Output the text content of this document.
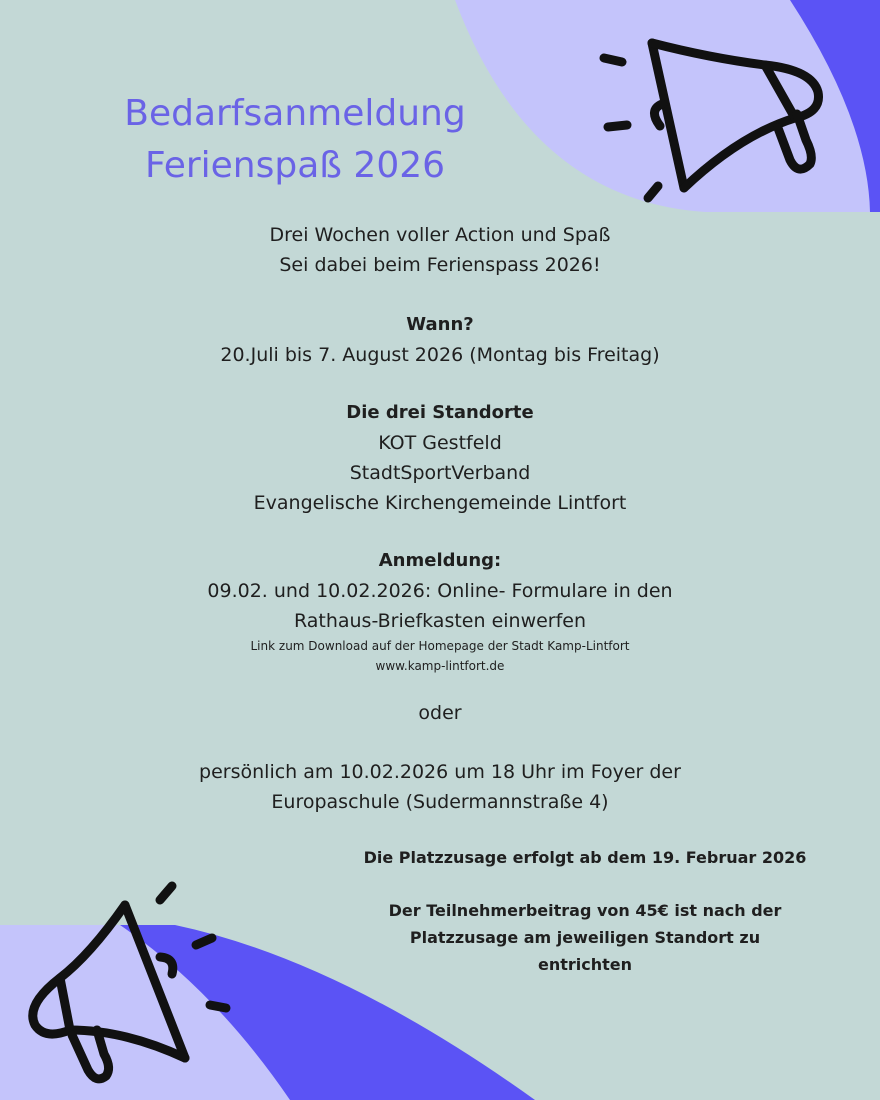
Bedarfsanmeldung
Ferienspaß 2026
Drei Wochen voller Action und Spaß
Sei dabei beim Ferienspass 2026!
Wann?
20.Juli bis 7. August 2026 (Montag bis Freitag)
Die drei Standorte
KOT Gestfeld
StadtSportVerband
Evangelische Kirchengemeinde Lintfort
Anmeldung:
09.02. und 10.02.2026: Online- Formulare in den
Rathaus-Briefkasten einwerfen
Link zum Download auf der Homepage der Stadt Kamp-Lintfort
www.kamp-lintfort.de
oder
persönlich am 10.02.2026 um 18 Uhr im Foyer der
Europaschule (Sudermannstraße 4)
Die Platzzusage erfolgt ab dem 19. Februar 2026
Der Teilnehmerbeitrag von 45€ ist nach der
Platzzusage am jeweiligen Standort zu
entrichten
